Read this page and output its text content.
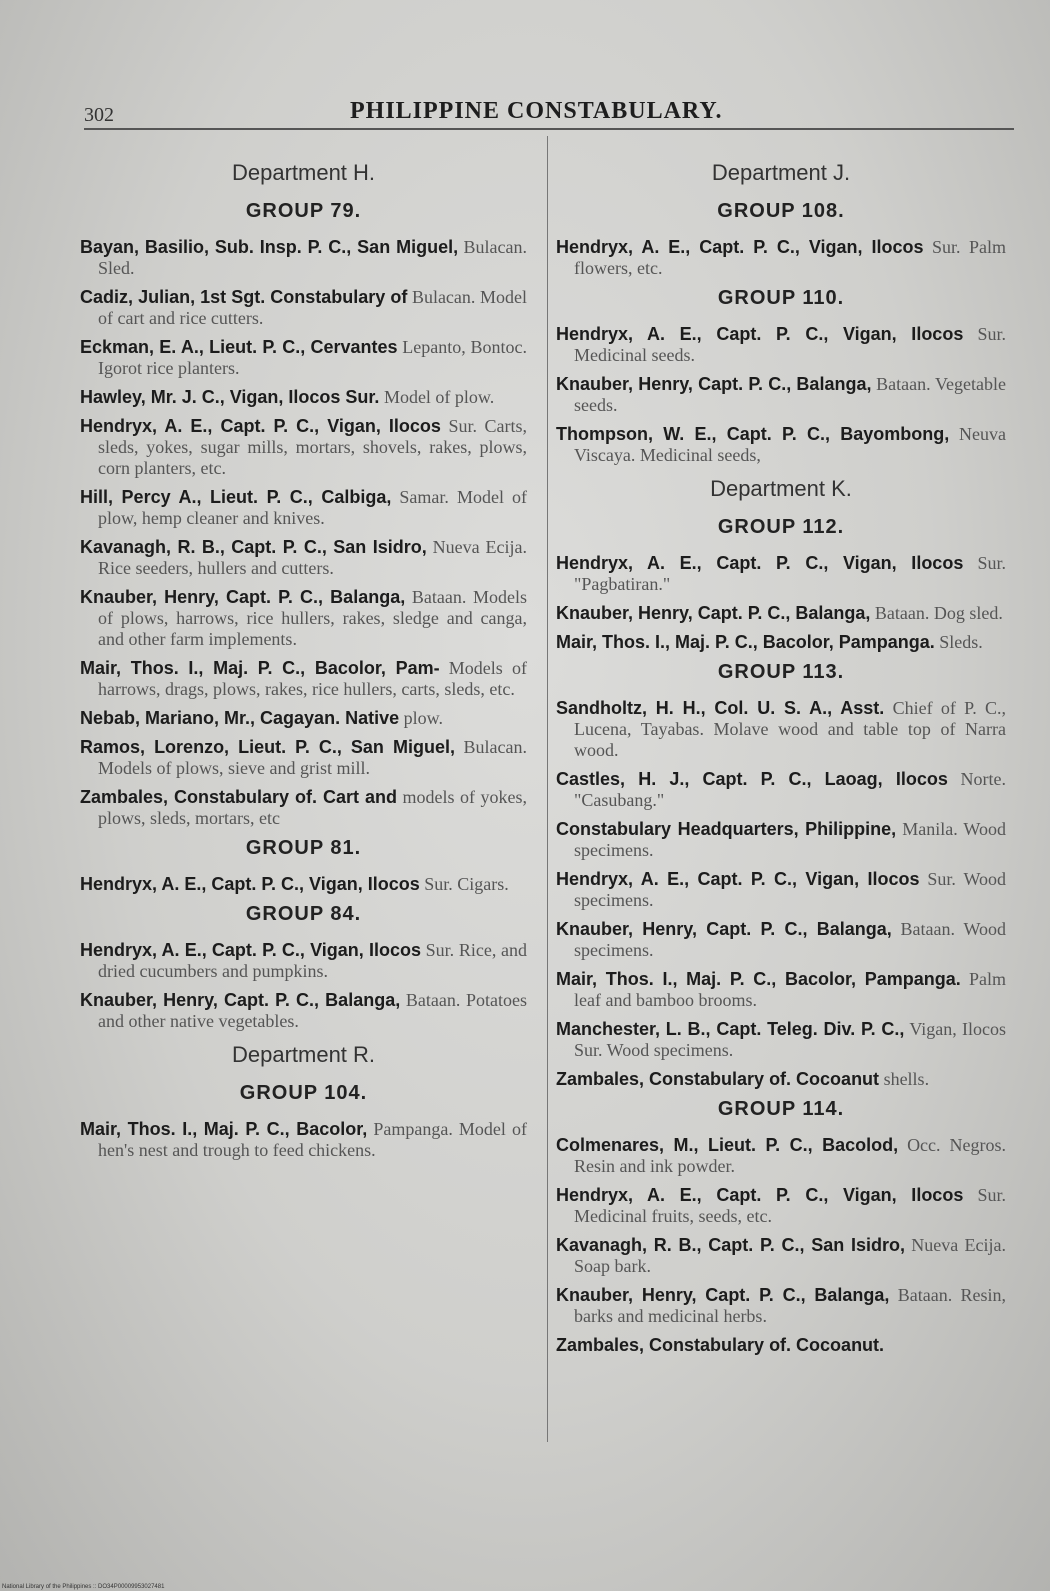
302	PHILIPPINE CONSTABULARY.
Department H.
GROUP 79.
Bayan, Basilio, Sub. Insp. P. C., San Miguel, Bulacan. Sled.
Cadiz, Julian, 1st Sgt. Constabulary of Bulacan. Model of cart and rice cutters.
Eckman, E. A., Lieut. P. C., Cervantes Lepanto, Bontoc. Igorot rice planters.
Hawley, Mr. J. C., Vigan, Ilocos Sur. Model of plow.
Hendryx, A. E., Capt. P. C., Vigan, Ilocos Sur. Carts, sleds, yokes, sugar mills, mortars, shovels, rakes, plows, corn planters, etc.
Hill, Percy A., Lieut. P. C., Calbiga, Samar. Model of plow, hemp cleaner and knives.
Kavanagh, R. B., Capt. P. C., San Isidro, Nueva Ecija. Rice seeders, hullers and cutters.
Knauber, Henry, Capt. P. C., Balanga, Bataan. Models of plows, harrows, rice hullers, rakes, sledge and canga, and other farm implements.
Mair, Thos. I., Maj. P. C., Bacolor, Pam- Models of harrows, drags, plows, rakes, rice hullers, carts, sleds, etc.
Nebab, Mariano, Mr., Cagayan. Native plow.
Ramos, Lorenzo, Lieut. P. C., San Miguel, Bulacan. Models of plows, sieve and grist mill.
Zambales, Constabulary of. Cart and models of yokes, plows, sleds, mortars, etc
GROUP 81.
Hendryx, A. E., Capt. P. C., Vigan, Ilocos Sur. Cigars.
GROUP 84.
Hendryx, A. E., Capt. P. C., Vigan, Ilocos Sur. Rice, and dried cucumbers and pumpkins.
Knauber, Henry, Capt. P. C., Balanga, Bataan. Potatoes and other native vegetables.
Department R.
GROUP 104.
Mair, Thos. I., Maj. P. C., Bacolor, Pampanga. Model of hen's nest and trough to feed chickens.
Department J.
GROUP 108.
Hendryx, A. E., Capt. P. C., Vigan, Ilocos Sur. Palm flowers, etc.
GROUP 110.
Hendryx, A. E., Capt. P. C., Vigan, Ilocos Sur. Medicinal seeds.
Knauber, Henry, Capt. P. C., Balanga, Bataan. Vegetable seeds.
Thompson, W. E., Capt. P. C., Bayombong, Neuva Viscaya. Medicinal seeds,
Department K.
GROUP 112.
Hendryx, A. E., Capt. P. C., Vigan, Ilocos Sur. "Pagbatiran."
Knauber, Henry, Capt. P. C., Balanga, Bataan. Dog sled.
Mair, Thos. I., Maj. P. C., Bacolor, Pampanga. Sleds.
GROUP 113.
Sandholtz, H. H., Col. U. S. A., Asst. Chief of P. C., Lucena, Tayabas. Molave wood and table top of Narra wood.
Castles, H. J., Capt. P. C., Laoag, Ilocos Norte. "Casubang."
Constabulary Headquarters, Philippine, Manila. Wood specimens.
Hendryx, A. E., Capt. P. C., Vigan, Ilocos Sur. Wood specimens.
Knauber, Henry, Capt. P. C., Balanga, Bataan. Wood specimens.
Mair, Thos. I., Maj. P. C., Bacolor, Pampanga. Palm leaf and bamboo brooms.
Manchester, L. B., Capt. Teleg. Div. P. C., Vigan, Ilocos Sur. Wood specimens.
Zambales, Constabulary of. Cocoanut shells.
GROUP 114.
Colmenares, M., Lieut. P. C., Bacolod, Occ. Negros. Resin and ink powder.
Hendryx, A. E., Capt. P. C., Vigan, Ilocos Sur. Medicinal fruits, seeds, etc.
Kavanagh, R. B., Capt. P. C., San Isidro, Nueva Ecija. Soap bark.
Knauber, Henry, Capt. P. C., Balanga, Bataan. Resin, barks and medicinal herbs.
Zambales, Constabulary of. Cocoanut.
National Library of the Philippines :: DO34P00009953027481
